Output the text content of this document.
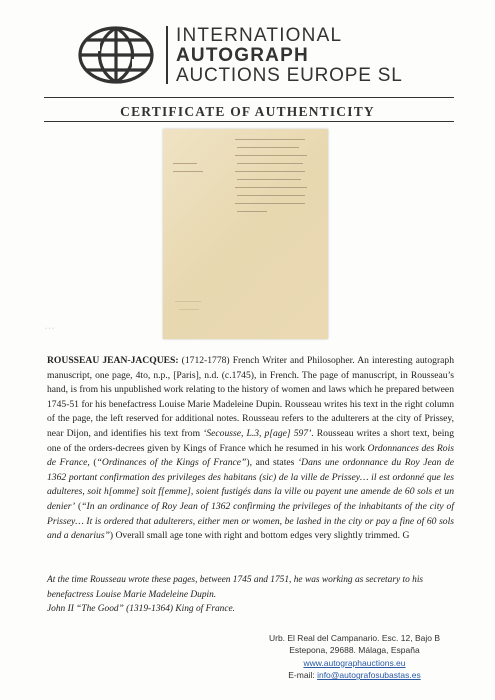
INTERNATIONAL
AUTOGRAPH
AUCTIONS EUROPE SL
CERTIFICATE OF AUTHENTICITY
· · ·
ROUSSEAU JEAN-JACQUES: (1712-1778) French Writer and Philosopher. An interesting autograph manuscript, one page, 4to, n.p., [Paris], n.d. (c.1745), in French. The page of manuscript, in Rousseau’s hand, is from his unpublished work relating to the history of women and laws which he prepared between 1745-51 for his benefactress Louise Marie Madeleine Dupin. Rousseau writes his text in the right column of the page, the left reserved for additional notes. Rousseau refers to the adulterers at the city of Prissey, near Dijon, and identifies his text from ‘Secousse, L.3, p[age] 597’. Rousseau writes a short text, being one of the orders-decrees given by Kings of France which he resumed in his work Ordonnances des Rois de France, (“Ordinances of the Kings of France”), and states ‘Dans une ordonnance du Roy Jean de 1362 portant confirmation des privileges des habitans (sic) de la ville de Prissey… il est ordonné que les adulteres, soit h[omme] soit f[emme], soient fustigés dans la ville ou payent une amende de 60 sols et un denier’ (“In an ordinance of Roy Jean of 1362 confirming the privileges of the inhabitants of the city of Prissey… It is ordered that adulterers, either men or women, be lashed in the city or pay a fine of 60 sols and a denarius”) Overall small age tone with right and bottom edges very slightly trimmed. G
At the time Rousseau wrote these pages, between 1745 and 1751, he was working as secretary to his benefactress Louise Marie Madeleine Dupin.
John II “The Good” (1319-1364) King of France.
Urb. El Real del Campanario. Esc. 12, Bajo B
Estepona, 29688. Málaga, España
www.autographauctions.eu
E-mail: info@autografosubastas.es
